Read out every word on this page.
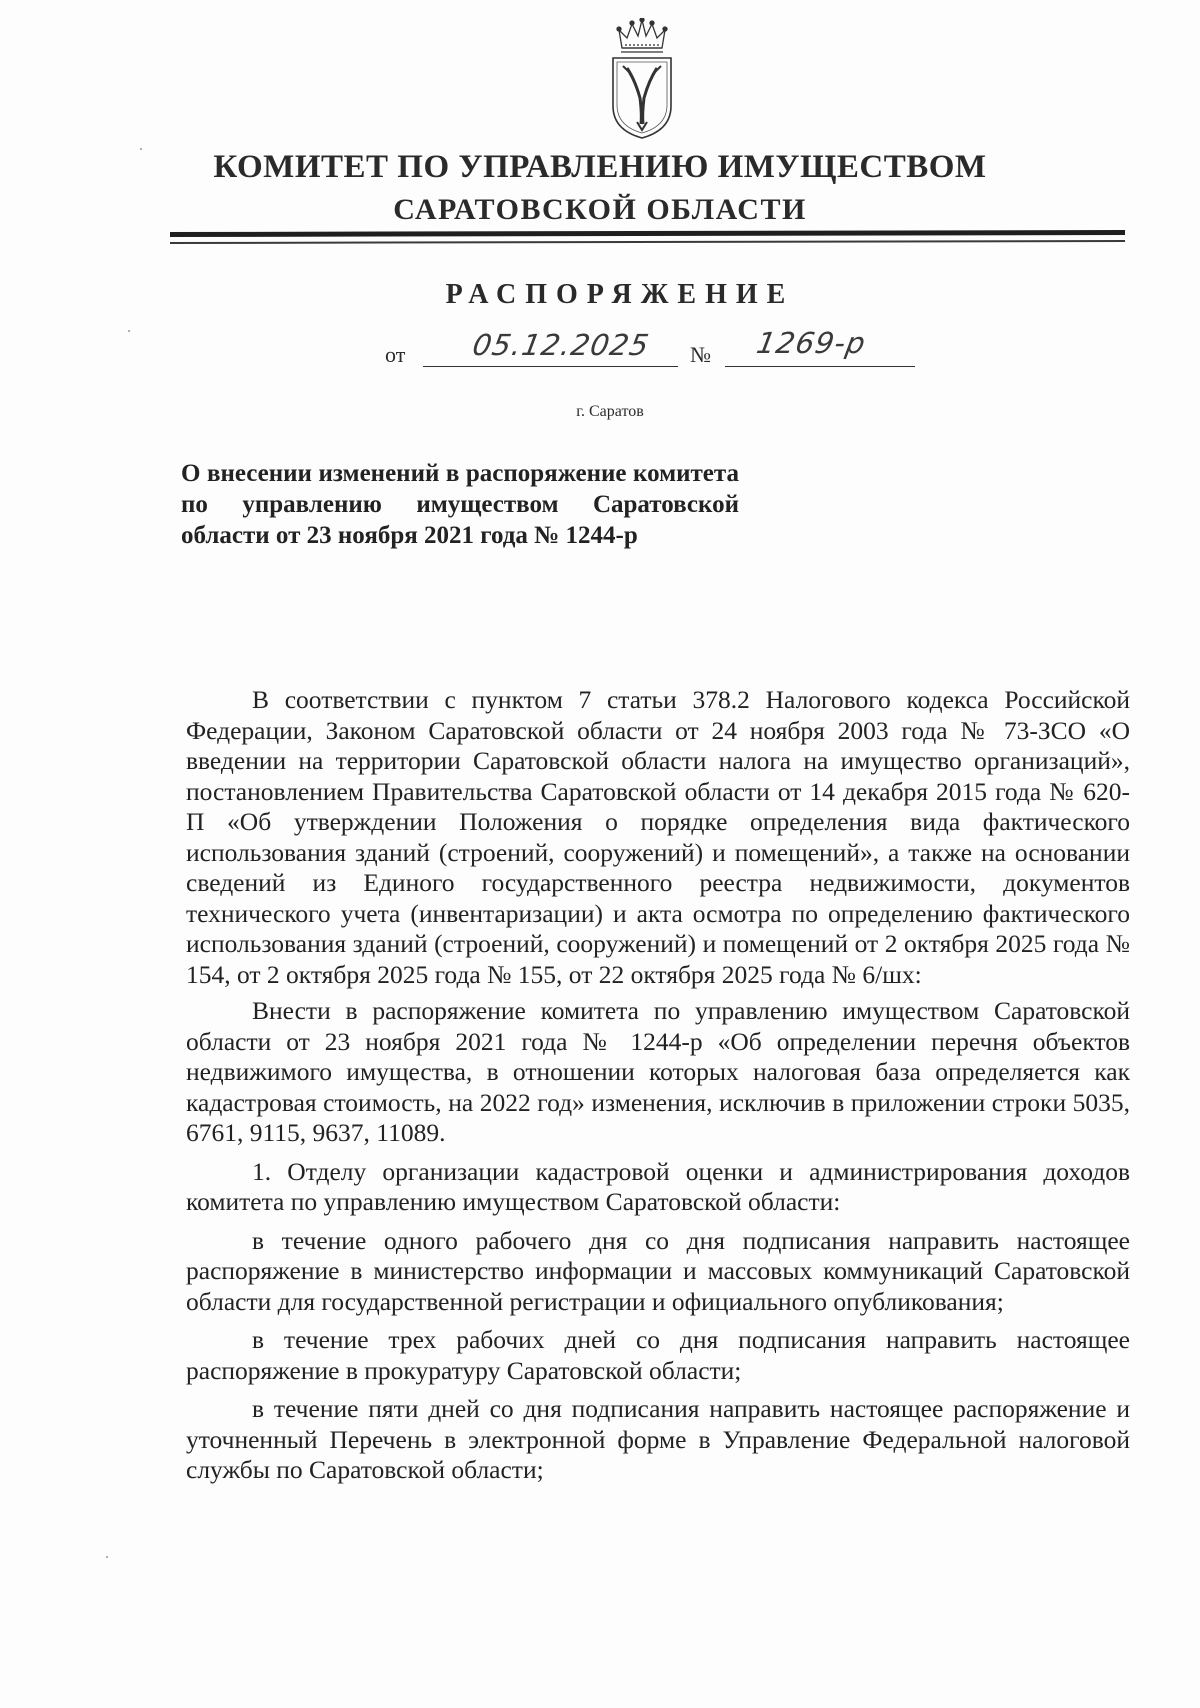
КОМИТЕТ ПО УПРАВЛЕНИЮ ИМУЩЕСТВОМ
САРАТОВСКОЙ ОБЛАСТИ
РАСПОРЯЖЕНИЕ
от 05.12.2025 № 1269-р
г. Саратов
О внесении изменений в распоряжение комитета по управлению имуществом Саратовской области от 23 ноября 2021 года № 1244-р

В соответствии с пунктом 7 статьи 378.2 Налогового кодекса Российской Федерации, Законом Саратовской области от 24 ноября 2003 года № 73-ЗСО «О введении на территории Саратовской области налога на имущество организаций», постановлением Правительства Саратовской области от 14 декабря 2015 года № 620-П «Об утверждении Положения о порядке определения вида фактического использования зданий (строений, сооружений) и помещений», а также на основании сведений из Единого государственного реестра недвижимости, документов технического учета (инвентаризации) и акта осмотра по определению фактического использования зданий (строений, сооружений) и помещений от 2 октября 2025 года № 154, от 2 октября 2025 года № 155, от 22 октября 2025 года № 6/шх:

Внести в распоряжение комитета по управлению имуществом Саратовской области от 23 ноября 2021 года № 1244-р «Об определении перечня объектов недвижимого имущества, в отношении которых налоговая база определяется как кадастровая стоимость, на 2022 год» изменения, исключив в приложении строки 5035, 6761, 9115, 9637, 11089.

1. Отделу организации кадастровой оценки и администрирования доходов комитета по управлению имуществом Саратовской области:

в течение одного рабочего дня со дня подписания направить настоящее распоряжение в министерство информации и массовых коммуникаций Саратовской области для государственной регистрации и официального опубликования;

в течение трех рабочих дней со дня подписания направить настоящее распоряжение в прокуратуру Саратовской области;

в течение пяти дней со дня подписания направить настоящее распоряжение и уточненный Перечень в электронной форме в Управление Федеральной налоговой службы по Саратовской области;
